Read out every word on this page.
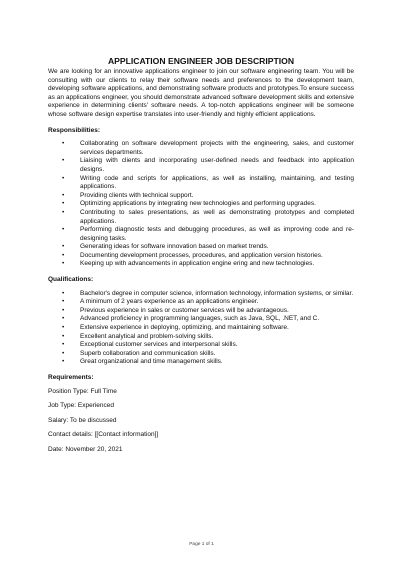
APPLICATION ENGINEER JOB DESCRIPTION

We are looking for an innovative applications engineer to join our software engineering team. You will be consulting with our clients to relay their software needs and preferences to the development team, developing software applications, and demonstrating software products and prototypes.To ensure success as an applications engineer, you should demonstrate advanced software development skills and extensive experience in determining clients' software needs. A top-notch applications engineer will be someone whose software design expertise translates into user-friendly and highly efficient applications.

Responsibilities:
• Collaborating on software development projects with the engineering, sales, and customer services departments.
• Liaising with clients and incorporating user-defined needs and feedback into application designs.
• Writing code and scripts for applications, as well as installing, maintaining, and testing applications.
• Providing clients with technical support.
• Optimizing applications by integrating new technologies and performing upgrades.
• Contributing to sales presentations, as well as demonstrating prototypes and completed applications.
• Performing diagnostic tests and debugging procedures, as well as improving code and re-designing tasks.
• Generating ideas for software innovation based on market trends.
• Documenting development processes, procedures, and application version histories.
• Keeping up with advancements in application engine ering and new technologies.
Qualifications:
• Bachelor's degree in computer science, information technology, information systems, or similar.
• A minimum of 2 years experience as an applications engineer.
• Previous experience in sales or customer services will be advantageous.
• Advanced proficiency in programming languages, such as Java, SQL, .NET, and C.
• Extensive experience in deploying, optimizing, and maintaining software.
• Excellent analytical and problem-solving skills.
• Exceptional customer services and interpersonal skills.
• Superb collaboration and communication skills.
• Great organizational and time management skills.
Requirements:
Position Type: Full Time
Job Type: Experienced
Salary: To be discussed
Contact details: [[Contact information]]
Date: November 20, 2021
Page 1 of 1
